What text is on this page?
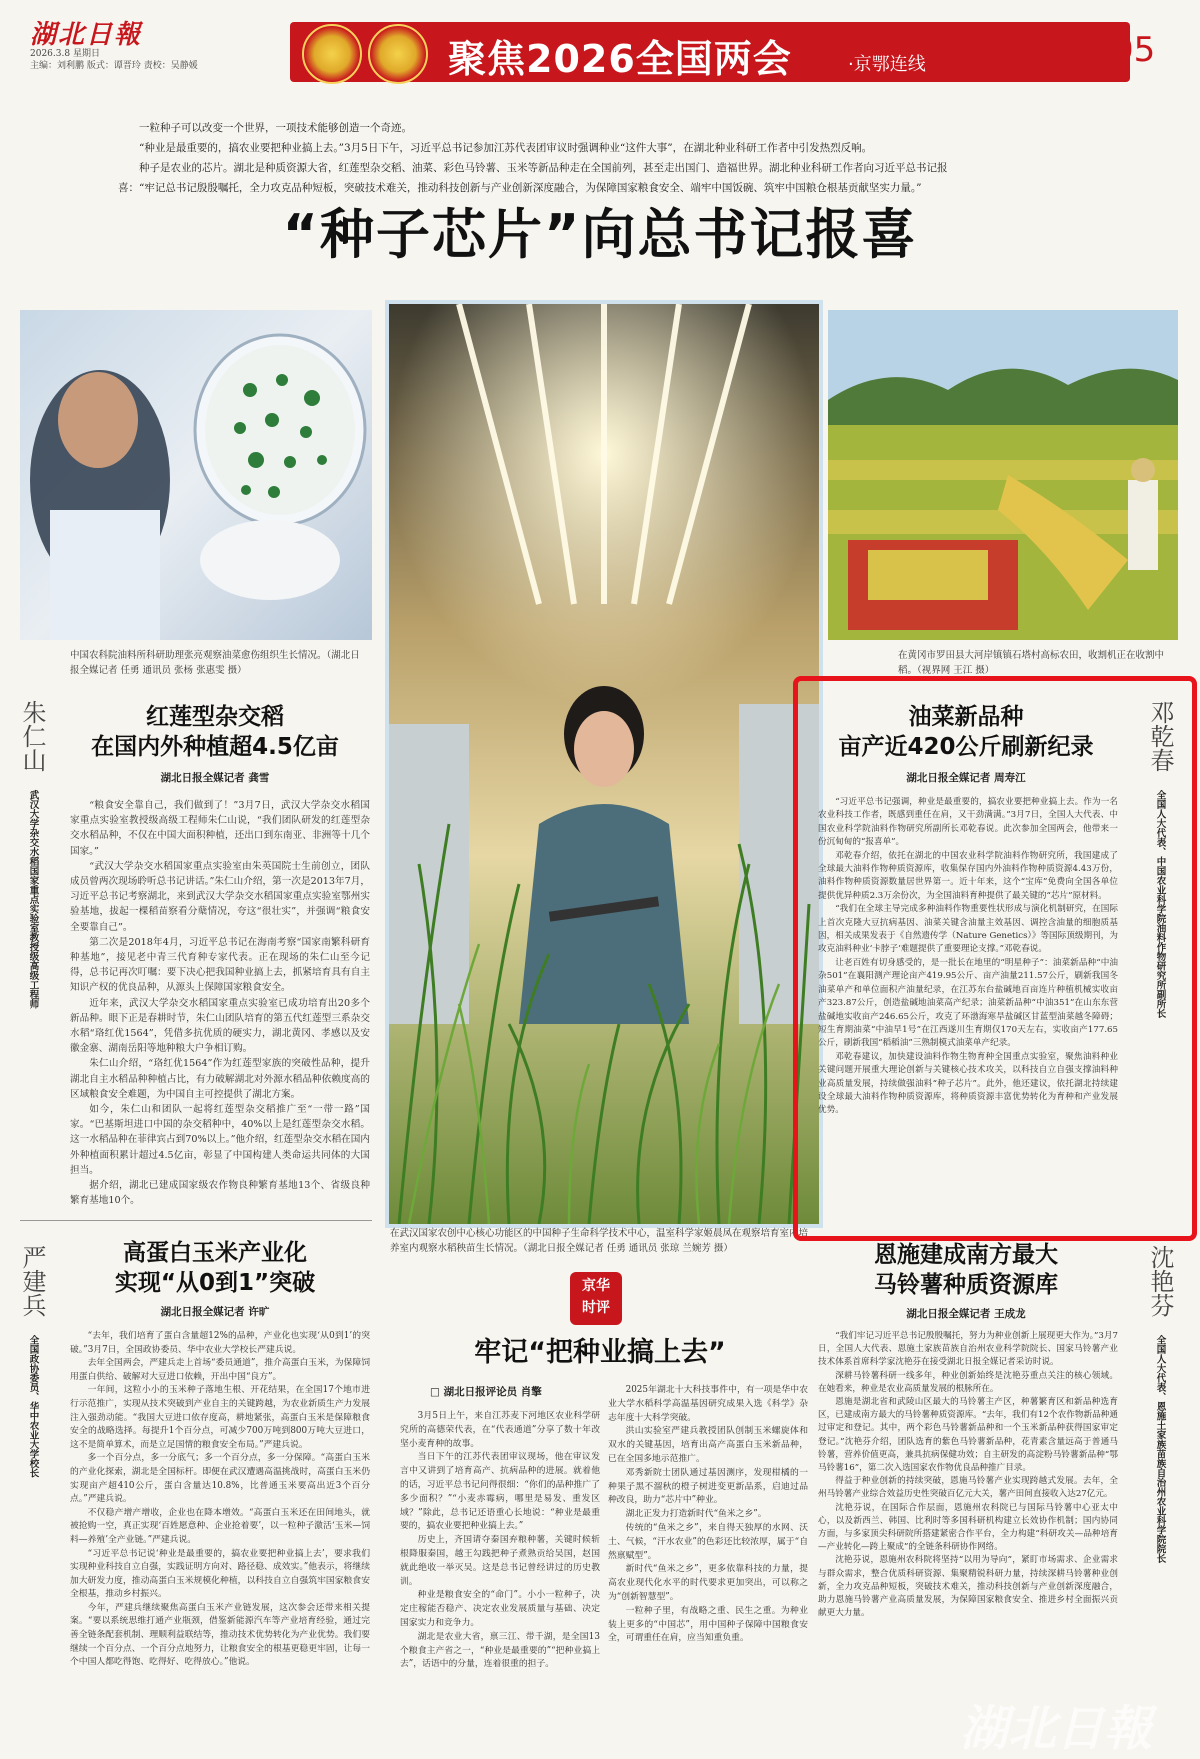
湖北日報
2026.3.8 星期日
主编：刘利鹏 版式：谭晋玲 责校：吴静媛	聚焦2026全国两会	·京鄂连线	05
一粒种子可以改变一个世界，一项技术能够创造一个奇迹。
“种业是最重要的，搞农业要把种业搞上去。”3月5日下午，习近平总书记参加江苏代表团审议时强调种业“这件大事”，在湖北种业科研工作者中引发热烈反响。
种子是农业的芯片。湖北是种质资源大省，红莲型杂交稻、油菜、彩色马铃薯、玉米等新品种走在全国前列，甚至走出国门、造福世界。湖北种业科研工作者向习近平总书记报
喜：“牢记总书记殷殷嘱托，全力攻克品种短板，突破技术难关，推动科技创新与产业创新深度融合，为保障国家粮食安全、端牢中国饭碗、筑牢中国粮仓根基贡献坚实力量。”
“种子芯片”向总书记报喜
中国农科院油料所科研助理张亮观察油菜愈伤组织生长情况。（湖北日报全媒记者 任勇 通讯员 张杨 张惠雯 摄）
在武汉国家农创中心核心功能区的中国种子生命科学技术中心，温室科学家姬晨凤在观察培育室内培养室内观察水稻秧苗生长情况。（湖北日报全媒记者 任勇 通讯员 张琼 兰婉芳 摄）
在黄冈市罗田县大河岸镇镇石塔村高标农田，收割机正在收割中稻。（视界网 王江 摄）
朱仁山
武汉大学杂交水稻国家重点实验室教授级高级工程师
红莲型杂交稻
在国内外种植超4.5亿亩
湖北日报全媒记者 龚雪

“粮食安全靠自己，我们做到了！”3月7日，武汉大学杂交水稻国家重点实验室教授级高级工程师朱仁山说，“我们团队研发的红莲型杂交水稻品种，不仅在中国大面积种植，还出口到东南亚、非洲等十几个国家。”

“武汉大学杂交水稻国家重点实验室由朱英国院士生前创立，团队成员曾两次现场聆听总书记讲话。”朱仁山介绍，第一次是2013年7月，习近平总书记考察湖北，来到武汉大学杂交水稻国家重点实验室鄂州实验基地，拔起一棵稻苗察看分蘖情况，夸这“很壮实”，并强调“粮食安全要靠自己”。

第二次是2018年4月，习近平总书记在海南考察“国家南繁科研育种基地”，接见老中青三代育种专家代表。正在现场的朱仁山至今记得，总书记再次叮嘱：要下决心把我国种业搞上去，抓紧培育具有自主知识产权的优良品种，从源头上保障国家粮食安全。

近年来，武汉大学杂交水稻国家重点实验室已成功培育出20多个新品种。眼下正是春耕时节，朱仁山团队培育的第五代红莲型三系杂交水稻“珞红优1564”，凭借多抗优质的硬实力，湖北黄冈、孝感以及安徽金寨、湖南岳阳等地种粮大户争相订购。

朱仁山介绍，“珞红优1564”作为红莲型家族的突破性品种，提升湖北自主水稻品种种植占比，有力破解湖北对外源水稻品种依赖度高的区域粮食安全难题，为中国自主可控提供了湖北方案。

如今，朱仁山和团队一起将红莲型杂交稻推广至“一带一路”国家。“巴基斯坦进口中国的杂交稻种中，40%以上是红莲型杂交水稻。这一水稻品种在菲律宾占到70%以上。”他介绍，红莲型杂交水稻在国内外种植面积累计超过4.5亿亩，彰显了中国构建人类命运共同体的大国担当。

据介绍，湖北已建成国家级农作物良种繁育基地13个、省级良种繁育基地10个。

严建兵
全国政协委员、华中农业大学校长
高蛋白玉米产业化
实现“从0到1”突破
湖北日报全媒记者 许旷

“去年，我们培育了蛋白含量超12%的品种，产业化也实现‘从0到1’的突破。”3月7日，全国政协委员、华中农业大学校长严建兵说。

去年全国两会，严建兵走上首场“委员通道”，推介高蛋白玉米，为保障饲用蛋白供给、破解对大豆进口依赖，开出中国“良方”。

一年间，这粒小小的玉米种子落地生根、开花结果，在全国17个地市进行示范推广，实现从技术突破到产业自主的关键跨越，为农业新质生产力发展注入强劲动能。“我国大豆进口依存度高，耕地紧张，高蛋白玉米是保障粮食安全的战略选择。每提升1个百分点，可减少700万吨到800万吨大豆进口，这不是简单算术，而是立足国情的粮食安全布局。”严建兵说。

多一个百分点，多一分底气；多一个百分点，多一分保障。“高蛋白玉米的产业化探索，湖北是全国标杆。即便在武汉遭遇高温挑战时，高蛋白玉米仍实现亩产超410公斤，蛋白含量达10.8%，比普通玉米要高出近3个百分点。”严建兵说。

不仅稳产增产增收，企业也在降本增效。“高蛋白玉米还在田间地头，就被抢购一空，真正实现‘百姓愿意种、企业抢着要’，以一粒种子激活‘玉米—饲料—养殖’全产业链。”严建兵说。

“习近平总书记说‘种业是最重要的，搞农业要把种业搞上去’，要求我们实现种业科技自立自强，实践证明方向对、路径稳、成效实。”他表示，将继续加大研发力度，推动高蛋白玉米规模化种植，以科技自立自强筑牢国家粮食安全根基，推动乡村振兴。

今年，严建兵继续聚焦高蛋白玉米产业链发展，这次参会还带来相关提案。“要以系统思维打通产业瓶颈，借鉴新能源汽车等产业培育经验，通过完善全链条配套机制、理顺利益联结等，推动技术优势转化为产业优势。我们要继续一个百分点、一个百分点地努力，让粮食安全的根基更稳更牢固，让每一个中国人都吃得饱、吃得好、吃得放心。”他说。

京华
时评
牢记“把种业搞上去”
□ 湖北日报评论员 肖擎

3月5日上午，来自江苏麦下河地区农业科学研究所的高德荣代表，在“代表通道”分享了数十年改坚小麦育种的故事。

当日下午的江苏代表团审议现场，他在审议发言中又讲到了培育高产、抗病品种的进展。就着他的话，习近平总书记问得很细：“你们的品种推广了多少面积？”“小麦赤霉病，哪里是易发、重发区域？”除此，总书记还语重心长地说：“种业是最重要的，搞农业要把种业搞上去。”

历史上，齐国请夺秦国弃粮种薯，关键时候斩根降服秦国，越王勾践把种子煮熟贡给吴国，赵国就此绝收一举灭吴。这是总书记曾经讲过的历史教训。

种业是粮食安全的“命门”。小小一粒种子，决定庄稼能否稳产、决定农业发展质量与基础、决定国家实力和竞争力。

湖北是农业大省，禀三江、带千湖，是全国13个粮食主产省之一，“种业是最重要的”“把种业搞上去”，话语中的分量，连着很重的担子。

2025年湖北十大科技事件中，有一项是华中农业大学水稻科学高温基因研究成果入选《科学》杂志年度十大科学突破。

洪山实验室严建兵教授团队创制玉米螺旋体和双水的关键基因，培育出高产高蛋白玉米新品种，已在全国多地示范推广。

邓秀新院士团队通过基因测序，发现柑橘的一种果子黑不溜秋的橙子树进变更新品系，启迪过品种改良，助力“芯片中”种业。

湖北正发力打造新时代“鱼米之乡”。

传统的“鱼米之乡”，来自得天独厚的水网、沃土、气候，“汗水农业”的色彩还比较浓厚，属于“自然禀赋型”。

新时代“鱼米之乡”，更多依靠科技的力量，提高农业现代化水平的时代要求更加突出，可以称之为“创新智慧型”。

一粒种子里，有战略之重、民生之重。为种业装上更多的“中国芯”，用中国种子保障中国粮食安全，可谓重任在肩，应当知重负重。

油菜新品种
亩产近420公斤刷新纪录
湖北日报全媒记者 周寿江

“习近平总书记强调，种业是最重要的，搞农业要把种业搞上去。作为一名农业科技工作者，既感到重任在肩，又干劲满满。”3月7日，全国人大代表、中国农业科学院油料作物研究所副所长邓乾春说。此次参加全国两会，他带来一份沉甸甸的“报喜单”。

邓乾春介绍，依托在湖北的中国农业科学院油料作物研究所，我国建成了全球最大油料作物种质资源库，收集保存国内外油料作物种质资源4.43万份，油料作物种质资源数量居世界第一。近十年来，这个“宝库”免费向全国各单位提供优异种质2.3万余份次，为全国油料育种提供了最关键的“芯片”原材料。

“我们在全球主导完成多种油料作物重要性状形成与演化机制研究，在国际上首次克隆大豆抗病基因、油菜关键含油量主效基因、调控含油量的细胞质基因，相关成果发表于《自然遗传学（Nature Genetics）》等国际顶级期刊，为攻克油料种业‘卡脖子’难题提供了重要理论支撑。”邓乾春说。

让老百姓有切身感受的，是一批长在地里的“明星种子”：油菜新品种“中油杂501”在襄阳测产理论亩产419.95公斤、亩产油量211.57公斤，刷新我国冬油菜单产和单位面积产油量纪录，在江苏东台盐碱地百亩连片种植机械实收亩产323.87公斤，创造盐碱地油菜高产纪录；油菜新品种“中油351”在山东东营盐碱地实收亩产246.65公斤，攻克了环渤海寒旱盐碱区甘蓝型油菜越冬障碍；短生育期油菜“中油早1号”在江西遂川生育期仅170天左右，实收亩产177.65公斤，刷新我国“稻稻油”三熟制模式油菜单产纪录。

邓乾春建议，加快建设油料作物生物育种全国重点实验室，聚焦油料种业关键问题开展重大理论创新与关键核心技术攻关，以科技自立自强支撑油料种业高质量发展，持续做强油料“种子芯片”。此外，他还建议，依托湖北持续建设全球最大油料作物种质资源库，将种质资源丰富优势转化为育种和产业发展优势。

邓乾春
全国人大代表、中国农业科学院油料作物研究所副所长
恩施建成南方最大
马铃薯种质资源库
湖北日报全媒记者 王成龙

“我们牢记习近平总书记殷殷嘱托，努力为种业创新上展现更大作为。”3月7日，全国人大代表、恩施土家族苗族自治州农业科学院院长、国家马铃薯产业技术体系首席科学家沈艳芬在接受湖北日报全媒记者采访时说。

深耕马铃薯科研一线多年，种业创新始终是沈艳芬重点关注的核心领域。在她看来，种业是农业高质量发展的根脉所在。

恩施是湖北省和武陵山区最大的马铃薯主产区，种薯繁育区和新品种选育区，已建成南方最大的马铃薯种质资源库。“去年，我们有12个农作物新品种通过审定和登记。其中，两个彩色马铃薯新品种和一个玉米新品种获得国家审定登记。”沈艳芬介绍，团队选育的紫色马铃薯新品种，花青素含量远高于普通马铃薯，营养价值更高，兼具抗病保健功效；自主研发的高淀粉马铃薯新品种“鄂马铃薯16”，第二次入选国家农作物优良品种推广目录。

得益于种业创新的持续突破，恩施马铃薯产业实现跨越式发展。去年，全州马铃薯产业综合效益历史性突破百亿元大关，薯产田间直接收入达27亿元。

沈艳芬说，在国际合作层面，恩施州农科院已与国际马铃薯中心亚太中心，以及新西兰、韩国、比利时等多国科研机构建立长效协作机制；国内协同方面，与多家顶尖科研院所搭建紧密合作平台，全力构建“科研攻关—品种培育—产业转化—跨上聚成”的全链条科研协作网络。

沈艳芬说，恩施州农科院将坚持“以用为导向”，紧盯市场需求、企业需求与群众需求，整合优质科研资源、集聚精锐科研力量，持续深耕马铃薯种业创新，全力攻克品种短板，突破技术难关，推动科技创新与产业创新深度融合，助力恩施马铃薯产业高质量发展，为保障国家粮食安全、推进乡村全面振兴贡献更大力量。

沈艳芬
全国人大代表、恩施土家族苗族自治州农业科学院院长
湖北日報
